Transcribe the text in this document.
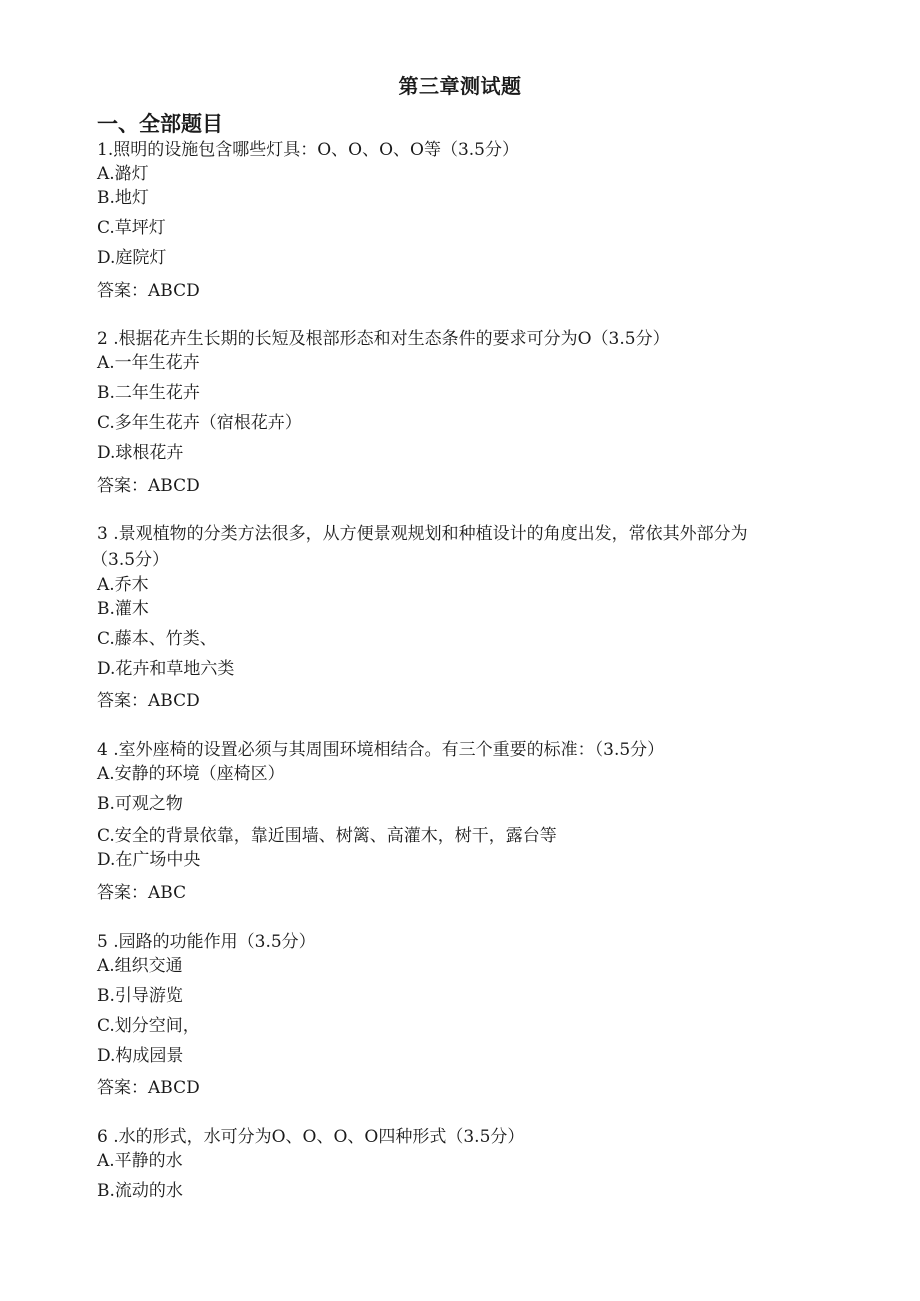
第三章测试题
一、全部题目
1.照明的设施包含哪些灯具：O、O、O、O等（3.5分）
A.潞灯
B.地灯
C.草坪灯
D.庭院灯
答案：ABCD
2 .根据花卉生长期的长短及根部形态和对生态条件的要求可分为O（3.5分）
A.一年生花卉
B.二年生花卉
C.多年生花卉（宿根花卉）
D.球根花卉
答案：ABCD
3 .景观植物的分类方法很多，从方便景观规划和种植设计的角度出发，常依其外部分为
（3.5分）
A.乔木
B.灌木
C.藤本、竹类、
D.花卉和草地六类
答案：ABCD
4 .室外座椅的设置必须与其周围环境相结合。有三个重要的标准：（3.5分）
A.安静的环境（座椅区）
B.可观之物
C.安全的背景依靠，靠近围墙、树篱、高灌木，树干，露台等
D.在广场中央
答案：ABC
5 .园路的功能作用（3.5分）
A.组织交通
B.引导游览
C.划分空间，
D.构成园景
答案：ABCD
6 .水的形式，水可分为O、O、O、O四种形式（3.5分）
A.平静的水
B.流动的水
